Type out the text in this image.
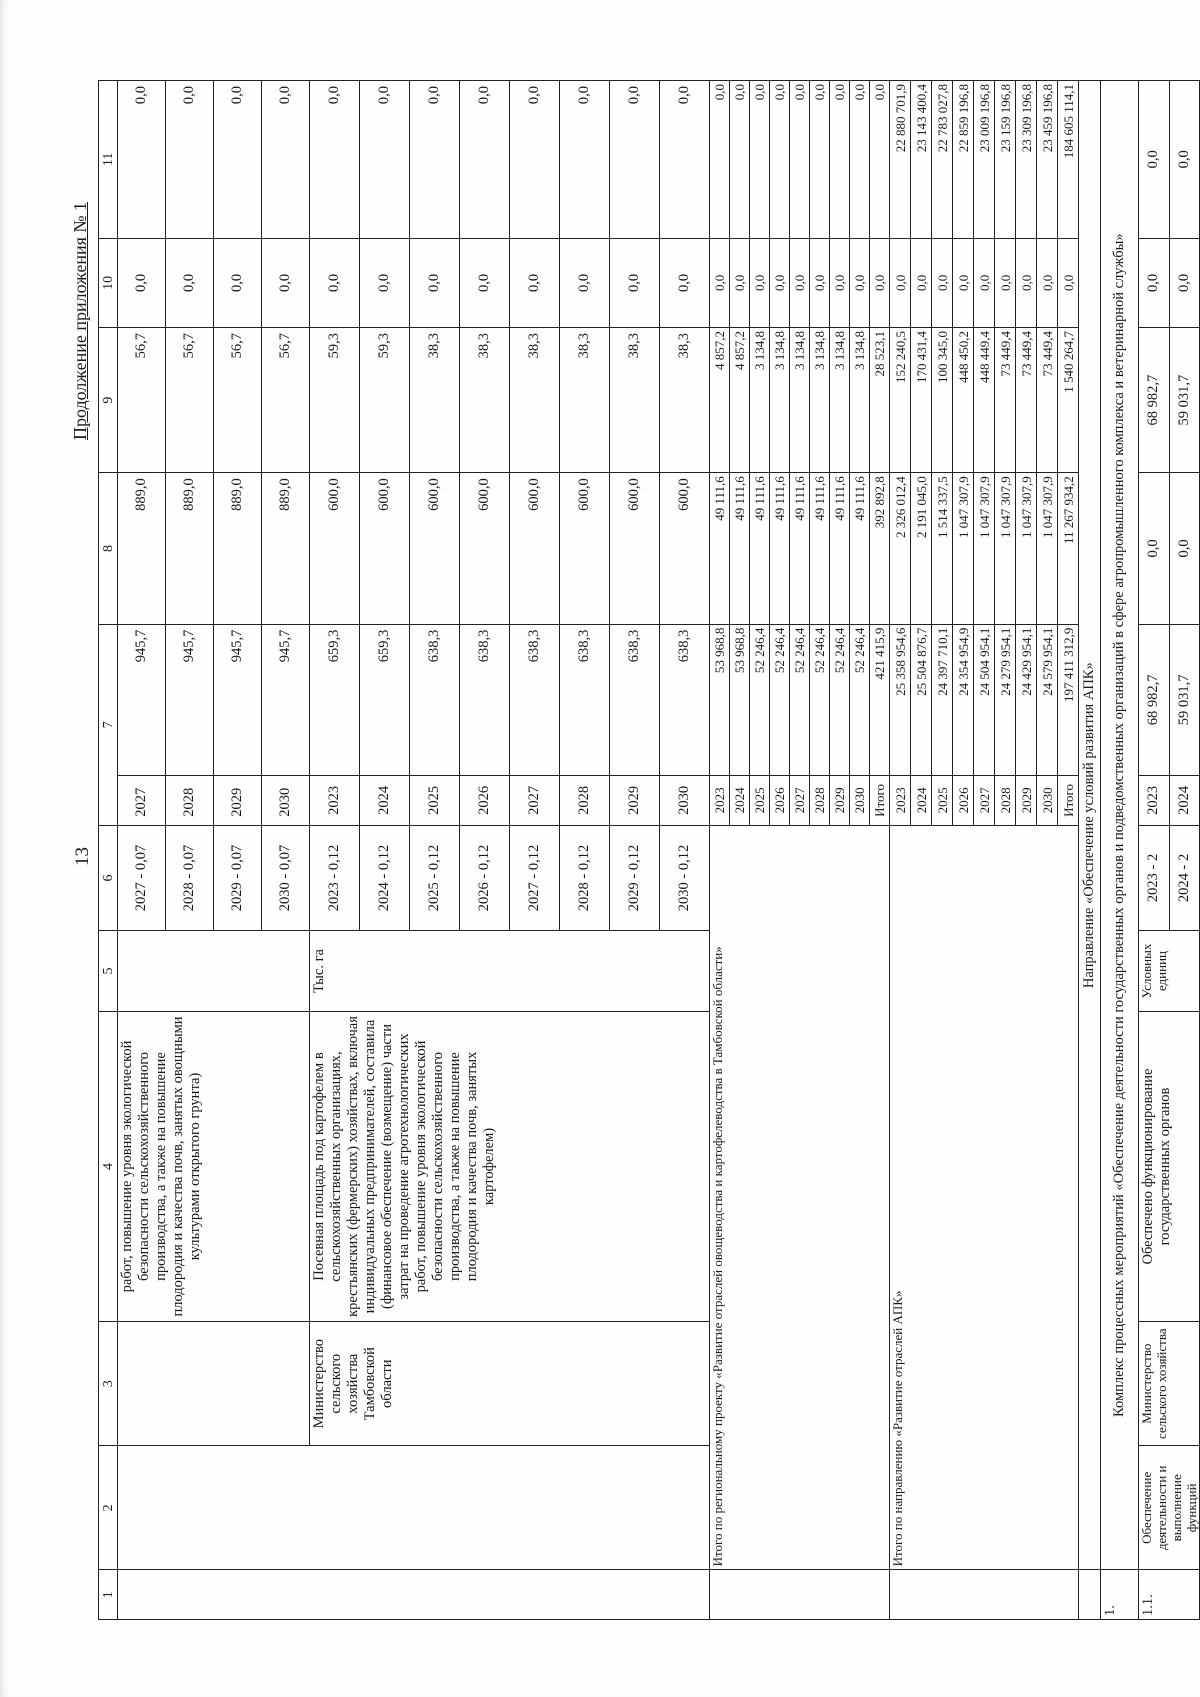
13
Продолжение приложения № 1
1	2	3	4	5	6	7		8	9	10	11
			работ, повышение уровня экологической безопасности сельскохозяйственного производства, а также на повышение плодородия и качества почв, занятых овощными культурами открытого грунта)		2027 - 0,07	2027	945,7	889,0	56,7	0,0	0,0
					2028 - 0,07	2028	945,7	889,0	56,7	0,0	0,0
					2029 - 0,07	2029	945,7	889,0	56,7	0,0	0,0
					2030 - 0,07	2030	945,7	889,0	56,7	0,0	0,0
		Министерство сельского хозяйства Тамбовской области	Посевная площадь под картофелем в сельскохозяйственных организациях, крестьянских (фермерских) хозяйствах, включая индивидуальных предпринимателей, составила (финансовое обеспечение (возмещение) части затрат на проведение агротехнологических работ, повышение уровня экологической безопасности сельскохозяйственного производства, а также на повышение плодородия и качества почв, занятых картофелем)	Тыс. га	2023 - 0,12	2023	659,3	600,0	59,3	0,0	0,0
					2024 - 0,12	2024	659,3	600,0	59,3	0,0	0,0
					2025 - 0,12	2025	638,3	600,0	38,3	0,0	0,0
					2026 - 0,12	2026	638,3	600,0	38,3	0,0	0,0
					2027 - 0,12	2027	638,3	600,0	38,3	0,0	0,0
					2028 - 0,12	2028	638,3	600,0	38,3	0,0	0,0
					2029 - 0,12	2029	638,3	600,0	38,3	0,0	0,0
					2030 - 0,12	2030	638,3	600,0	38,3	0,0	0,0
	Итого по региональному проекту «Развитие отраслей овощеводства и картофелеводства в Тамбовской области»					2023	53 968,8	49 111,6	4 857,2	0,0	0,0
						2024	53 968,8	49 111,6	4 857,2	0,0	0,0
						2025	52 246,4	49 111,6	3 134,8	0,0	0,0
						2026	52 246,4	49 111,6	3 134,8	0,0	0,0
						2027	52 246,4	49 111,6	3 134,8	0,0	0,0
						2028	52 246,4	49 111,6	3 134,8	0,0	0,0
						2029	52 246,4	49 111,6	3 134,8	0,0	0,0
						2030	52 246,4	49 111,6	3 134,8	0,0	0,0
						Итого	421 415,9	392 892,8	28 523,1	0,0	0,0
	Итого по направлению «Развитие отраслей АПК»					2023	25 358 954,6	2 326 012,4	152 240,5	0,0	22 880 701,9
						2024	25 504 876,7	2 191 045,0	170 431,4	0,0	23 143 400,4
						2025	24 397 710,1	1 514 337,5	100 345,0	0,0	22 783 027,8
						2026	24 354 954,9	1 047 307,9	448 450,2	0,0	22 859 196,8
						2027	24 504 954,1	1 047 307,9	448 449,4	0,0	23 009 196,8
						2028	24 279 954,1	1 047 307,9	73 449,4	0,0	23 159 196,8
						2029	24 429 954,1	1 047 307,9	73 449,4	0,0	23 309 196,8
						2030	24 579 954,1	1 047 307,9	73 449,4	0,0	23 459 196,8
						Итого	197 411 312,9	11 267 934,2	1 540 264,7	0,0	184 605 114,1
	Направление «Обеспечение условий развития АПК»										
1.	Комплекс процессных мероприятий «Обеспечение деятельности государственных органов и подведомственных организаций в сфере агропромышленного комплекса и ветеринарной службы»										
1.1.	Обеспечение деятельности и выполнение функций	Министерство сельского хозяйства	Обеспечено функционирование государственных органов	Условных единиц	2023 - 2	2023	68 982,7	0,0	68 982,7	0,0	0,0
					2024 - 2	2024	59 031,7	0,0	59 031,7	0,0	0,0
